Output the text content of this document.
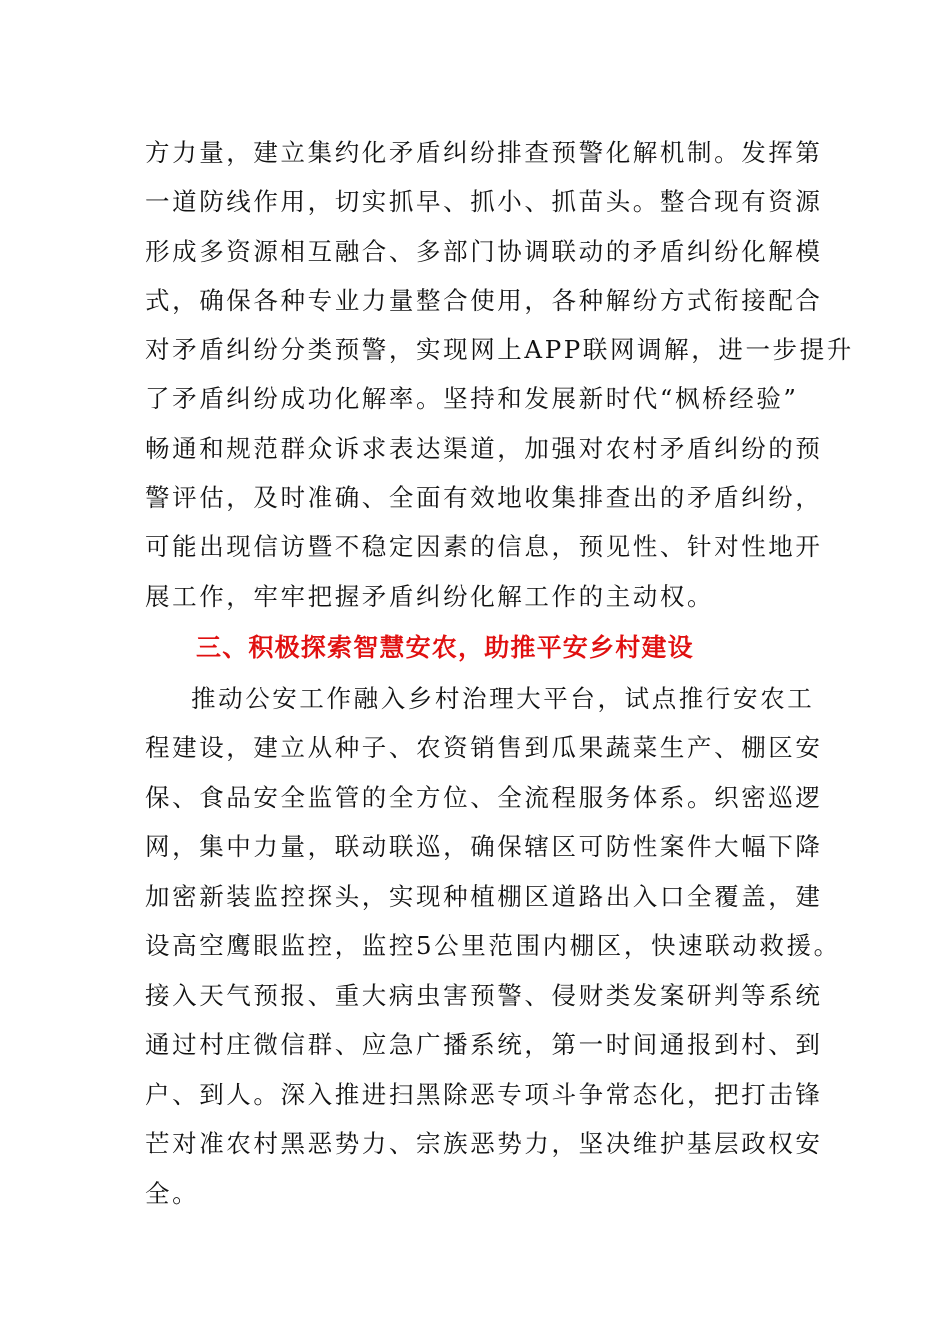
方力量，建立集约化矛盾纠纷排查预警化解机制。发挥第
一道防线作用，切实抓早、抓小、抓苗头。整合现有资源
形成多资源相互融合、多部门协调联动的矛盾纠纷化解模
式，确保各种专业力量整合使用，各种解纷方式衔接配合
对矛盾纠纷分类预警，实现网上APP联网调解，进一步提升
了矛盾纠纷成功化解率。坚持和发展新时代“枫桥经验”
畅通和规范群众诉求表达渠道，加强对农村矛盾纠纷的预
警评估，及时准确、全面有效地收集排查出的矛盾纠纷，
可能出现信访暨不稳定因素的信息，预见性、针对性地开
展工作，牢牢把握矛盾纠纷化解工作的主动权。
三、积极探索智慧安农，助推平安乡村建设
推动公安工作融入乡村治理大平台，试点推行安农工
程建设，建立从种子、农资销售到瓜果蔬菜生产、棚区安
保、食品安全监管的全方位、全流程服务体系。织密巡逻
网，集中力量，联动联巡，确保辖区可防性案件大幅下降
加密新装监控探头，实现种植棚区道路出入口全覆盖，建
设高空鹰眼监控，监控5公里范围内棚区，快速联动救援。
接入天气预报、重大病虫害预警、侵财类发案研判等系统
通过村庄微信群、应急广播系统，第一时间通报到村、到
户、到人。深入推进扫黑除恶专项斗争常态化，把打击锋
芒对准农村黑恶势力、宗族恶势力，坚决维护基层政权安
全。
